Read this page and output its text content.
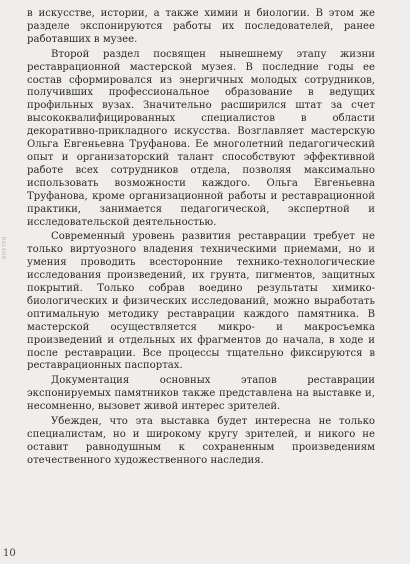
в искусстве, истории, а также химии и биологии. В этом же разделе экспонируются работы их последователей, ранее работавших в музее.

Второй раздел посвящен нынешнему этапу жизни реставрационной мастерской музея. В последние годы ее состав сформировался из энергичных молодых сотрудников, получивших профессиональное образование в ведущих профильных вузах. Значительно расширился штат за счет высококвалифицированных специалистов в области декоративно-прикладного искусства. Возглавляет мастерскую Ольга Евгеньевна Труфанова. Ее многолетний педагогический опыт и организаторский талант способствуют эффективной работе всех сотрудников отдела, позволяя максимально использовать возможности каждого. Ольга Евгеньевна Труфанова, кроме организационной работы и реставрационной практики, занимается педагогической, экспертной и исследовательской деятельностью.

Современный уровень развития реставрации требует не только виртуозного владения техническими приемами, но и умения проводить всесторонние технико-технологические исследования произведений, их грунта, пигментов, защитных покрытий. Только собрав воедино результаты химико-биологических и физических исследований, можно выработать оптимальную методику реставрации каждого памятника. В мастерской осуществляется микро- и макросъемка произведений и отдельных их фрагментов до начала, в ходе и после реставрации. Все процессы тщательно фиксируются в реставрационных паспортах.

Документация основных этапов реставрации экспонируемых памятников также представлена на выставке и, несомненно, вызовет живой интерес зрителей.

Убежден, что эта выставка будет интересна не только специалистам, но и широкому кругу зрителей, и никого не оставит равнодушным к сохраненным произведениям отечественного художественного наследия.

ВНУТРИ
10
